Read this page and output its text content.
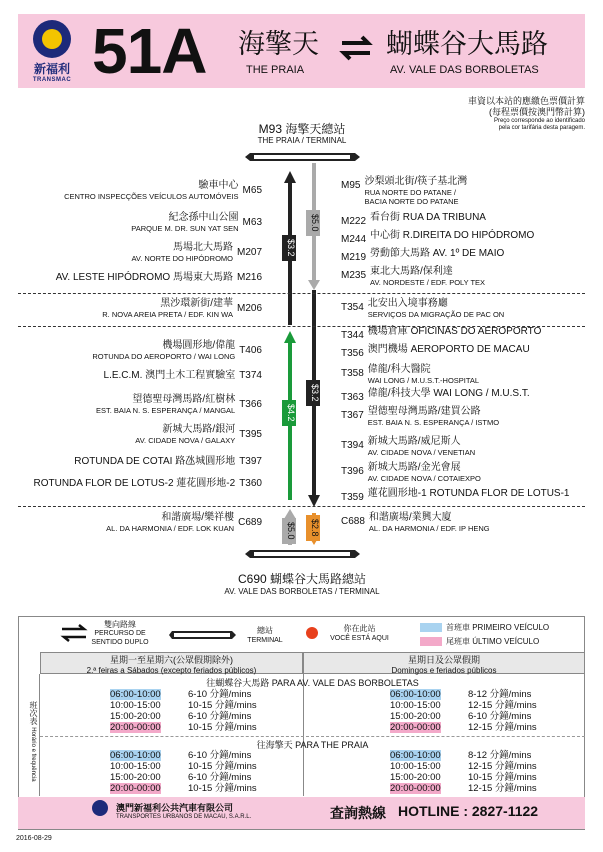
新福利
TRANSMAC 51A 海擎天
THE PRAIA
蝴蝶谷大馬路
AV. VALE DAS BORBOLETAS
車資以本站的應繳色票價計算
(每程票價按澳門幣計算)
Preço corresponde ao identificado
pela cor tarifária desta paragem.
M93 海擎天總站
THE PRAIA / TERMINAL
$5.0
$3.2
$3.2
$4.2
$5.0	$2.8
驗車中心
CENTRO INSPECÇÕES VEÍCULOS AUTOMÓVEIS
M65
紀念孫中山公園
PARQUE M. DR. SUN YAT SEN
M63
馬場北大馬路
AV. NORTE DO HIPÓDROMO
M207
AV. LESTE HIPÓDROMO 馬場東大馬路 M216
黑沙環新街/建華
R. NOVA AREIA PRETA / EDF. KIN WA
M206
機場圓形地/偉龍
ROTUNDA DO AEROPORTO / WAI LONG
T406
L.E.C.M. 澳門土木工程實驗室 T374
望德聖母灣馬路/紅樹林
EST. BAIA N. S. ESPERANÇA / MANGAL
T366
新城大馬路/銀河
AV. CIDADE NOVA / GALAXY
T395
ROTUNDA DE COTAI 路氹城圓形地 T397
ROTUNDA FLOR DE LOTUS-2 蓮花圓形地-2 T360
和諧廣場/樂祥樓
AL. DA HARMONIA / EDF. LOK KUAN
C689
M95 沙梨頭北街/筷子基北灣
RUA NORTE DO PATANE /
BACIA NORTE DO PATANE
M222 看台街 RUA DA TRIBUNA
M244 中心街 R.DIREITA DO HIPÓDROMO
M219 勞動節大馬路 AV. 1º DE MAIO
M235 東北大馬路/保利達
AV. NORDESTE / EDF. POLY TEX
T354 北安出入境事務廳
SERVIÇOS DA MIGRAÇÃO DE PAC ON
T344 機場倉庫 OFICINAS DO AEROPORTO
T356 澳門機場 AEROPORTO DE MACAU
T358 偉龍/科大醫院
WAI LONG / M.U.S.T.-HOSPITAL
T363 偉龍/科技大學 WAI LONG / M.U.S.T.
T367 望德聖母灣馬路/建買公路
EST. BAIA N. S. ESPERANÇA / ISTMO
T394 新城大馬路/威尼斯人
AV. CIDADE NOVA / VENETIAN
T396 新城大馬路/金光會展
AV. CIDADE NOVA / COTAIEXPO
T359 蓮花圓形地-1 ROTUNDA FLOR DE LOTUS-1
C688 和諧廣場/業興大廈
AL. DA HARMONIA / EDF. IP HENG
C690 蝴蝶谷大馬路總站
AV. VALE DAS BORBOLETAS / TERMINAL
雙向路線
PERCURSO DE
SENTIDO DUPLO
總站
TERMINAL
你在此站
VOCÊ ESTÁ AQUI
首班車 PRIMEIRO VEÍCULO
尾班車 ÚLTIMO VEÍCULO
星期一至星期六(公眾假期除外)
2.ª feiras a Sábados (excepto feriados públicos)
星期日及公眾假期
Domingos e feriados públicos
班次表 Horário e frequência
往蝴蝶谷大馬路 PARA AV. VALE DAS BORBOLETAS
06:00-10:00	6-10 分鐘/mins
10:00-15:00	10-15 分鐘/mins
15:00-20:00	6-10 分鐘/mins
20:00-00:00	10-15 分鐘/mins
06:00-10:00	8-12 分鐘/mins
10:00-15:00	12-15 分鐘/mins
15:00-20:00	6-10 分鐘/mins
20:00-00:00	12-15 分鐘/mins
往海擎天 PARA THE PRAIA
06:00-10:00	6-10 分鐘/mins
10:00-15:00	10-15 分鐘/mins
15:00-20:00	6-10 分鐘/mins
20:00-00:00	10-15 分鐘/mins
06:00-10:00	8-12 分鐘/mins
10:00-15:00	12-15 分鐘/mins
15:00-20:00	10-15 分鐘/mins
20:00-00:00	12-15 分鐘/mins
澳門新福利公共汽車有限公司
TRANSPORTES URBANOS DE MACAU, S.A.R.L.	查詢熱線 HOTLINE : 2827-1122
2016-08-29
